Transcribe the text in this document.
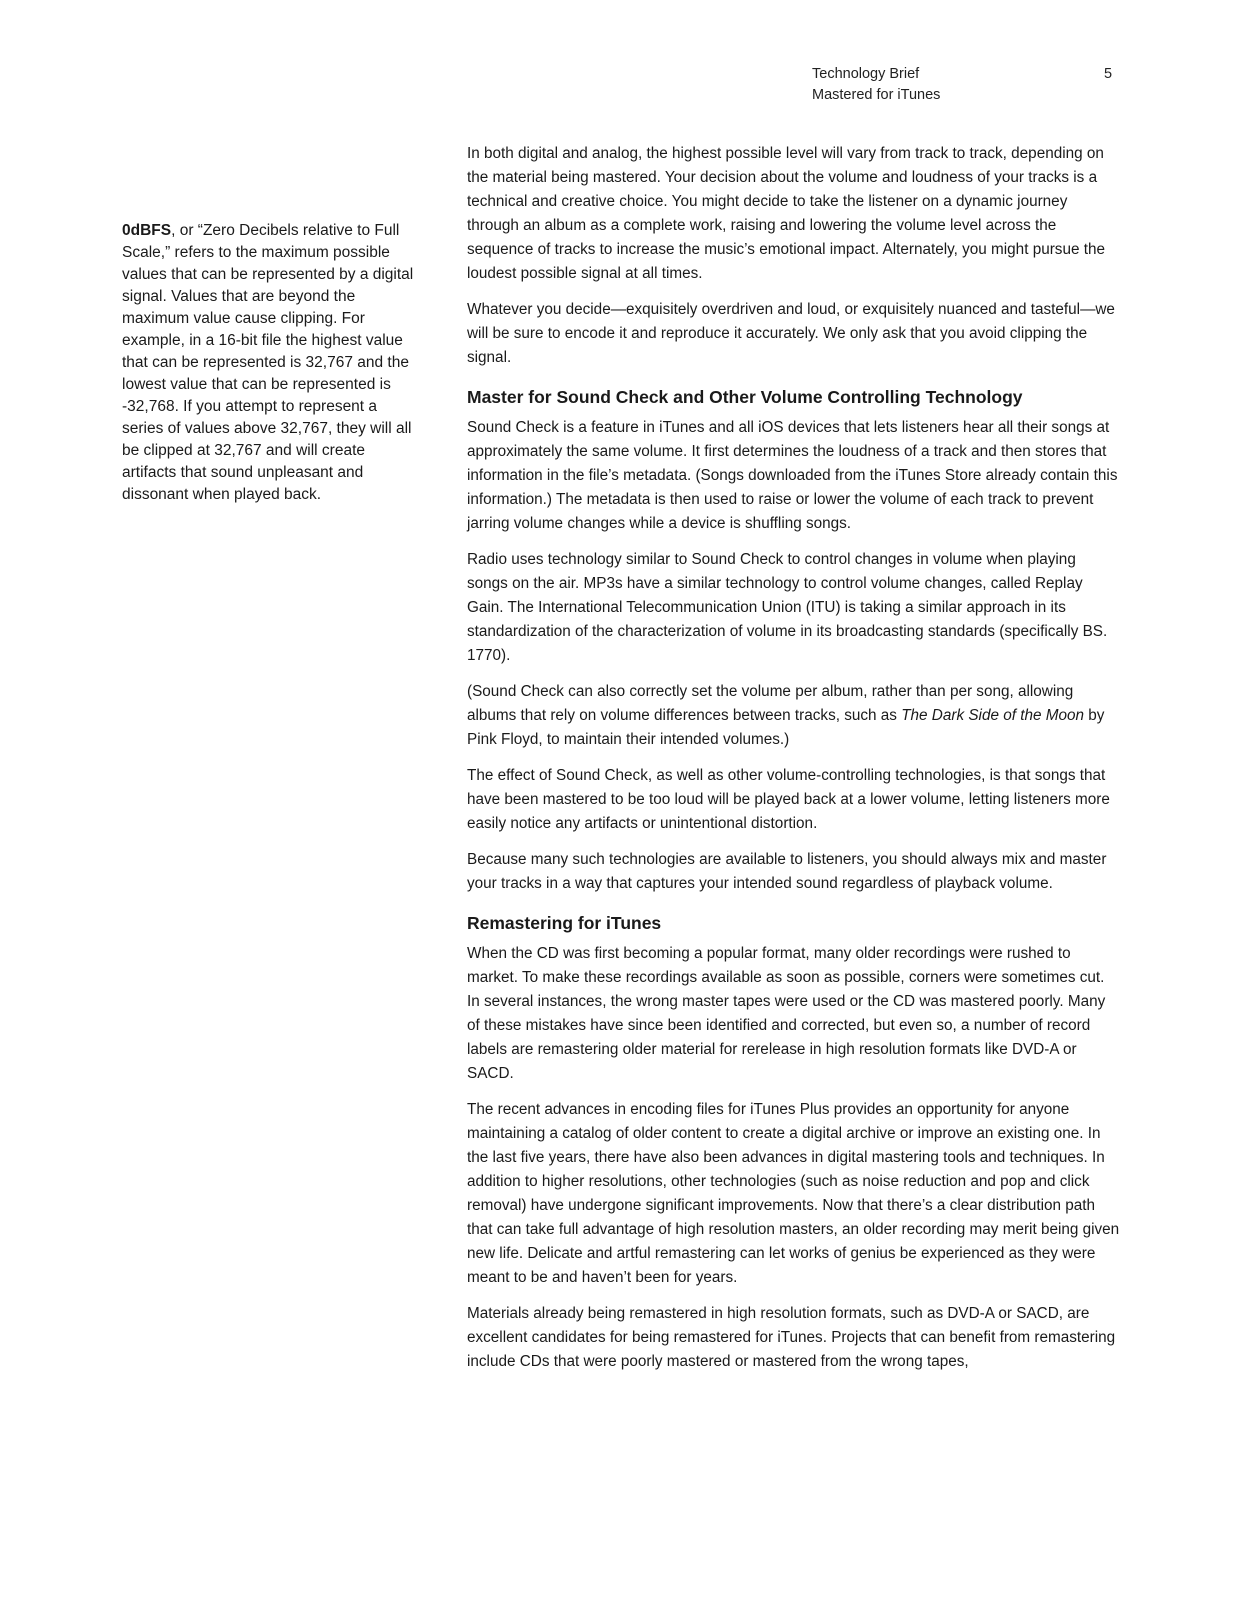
Technology Brief
Mastered for iTunes
5
0dBFS, or “Zero Decibels relative to Full Scale,” refers to the maximum possible values that can be represented by a digital signal. Values that are beyond the maximum value cause clipping. For example, in a 16-bit file the highest value that can be represented is 32,767 and the lowest value that can be represented is -32,768. If you attempt to represent a series of values above 32,767, they will all be clipped at 32,767 and will create artifacts that sound unpleasant and dissonant when played back.

In both digital and analog, the highest possible level will vary from track to track, depending on the material being mastered. Your decision about the volume and loudness of your tracks is a technical and creative choice. You might decide to take the listener on a dynamic journey through an album as a complete work, raising and lowering the volume level across the sequence of tracks to increase the music’s emotional impact. Alternately, you might pursue the loudest possible signal at all times.

Whatever you decide—exquisitely overdriven and loud, or exquisitely nuanced and tasteful—we will be sure to encode it and reproduce it accurately. We only ask that you avoid clipping the signal.

Master for Sound Check and Other Volume Controlling Technology

Sound Check is a feature in iTunes and all iOS devices that lets listeners hear all their songs at approximately the same volume. It first determines the loudness of a track and then stores that information in the file’s metadata. (Songs downloaded from the iTunes Store already contain this information.) The metadata is then used to raise or lower the volume of each track to prevent jarring volume changes while a device is shuffling songs.

Radio uses technology similar to Sound Check to control changes in volume when playing songs on the air. MP3s have a similar technology to control volume changes, called Replay Gain. The International Telecommunication Union (ITU) is taking a similar approach in its standardization of the characterization of volume in its broadcasting standards (specifically BS. 1770).

(Sound Check can also correctly set the volume per album, rather than per song, allowing albums that rely on volume differences between tracks, such as The Dark Side of the Moon by Pink Floyd, to maintain their intended volumes.)

The effect of Sound Check, as well as other volume-controlling technologies, is that songs that have been mastered to be too loud will be played back at a lower volume, letting listeners more easily notice any artifacts or unintentional distortion.

Because many such technologies are available to listeners, you should always mix and master your tracks in a way that captures your intended sound regardless of playback volume.

Remastering for iTunes

When the CD was first becoming a popular format, many older recordings were rushed to market. To make these recordings available as soon as possible, corners were sometimes cut. In several instances, the wrong master tapes were used or the CD was mastered poorly. Many of these mistakes have since been identified and corrected, but even so, a number of record labels are remastering older material for rerelease in high resolution formats like DVD-A or SACD.

The recent advances in encoding files for iTunes Plus provides an opportunity for anyone maintaining a catalog of older content to create a digital archive or improve an existing one. In the last five years, there have also been advances in digital mastering tools and techniques. In addition to higher resolutions, other technologies (such as noise reduction and pop and click removal) have undergone significant improvements. Now that there’s a clear distribution path that can take full advantage of high resolution masters, an older recording may merit being given new life. Delicate and artful remastering can let works of genius be experienced as they were meant to be and haven’t been for years.

Materials already being remastered in high resolution formats, such as DVD-A or SACD, are excellent candidates for being remastered for iTunes. Projects that can benefit from remastering include CDs that were poorly mastered or mastered from the wrong tapes,
